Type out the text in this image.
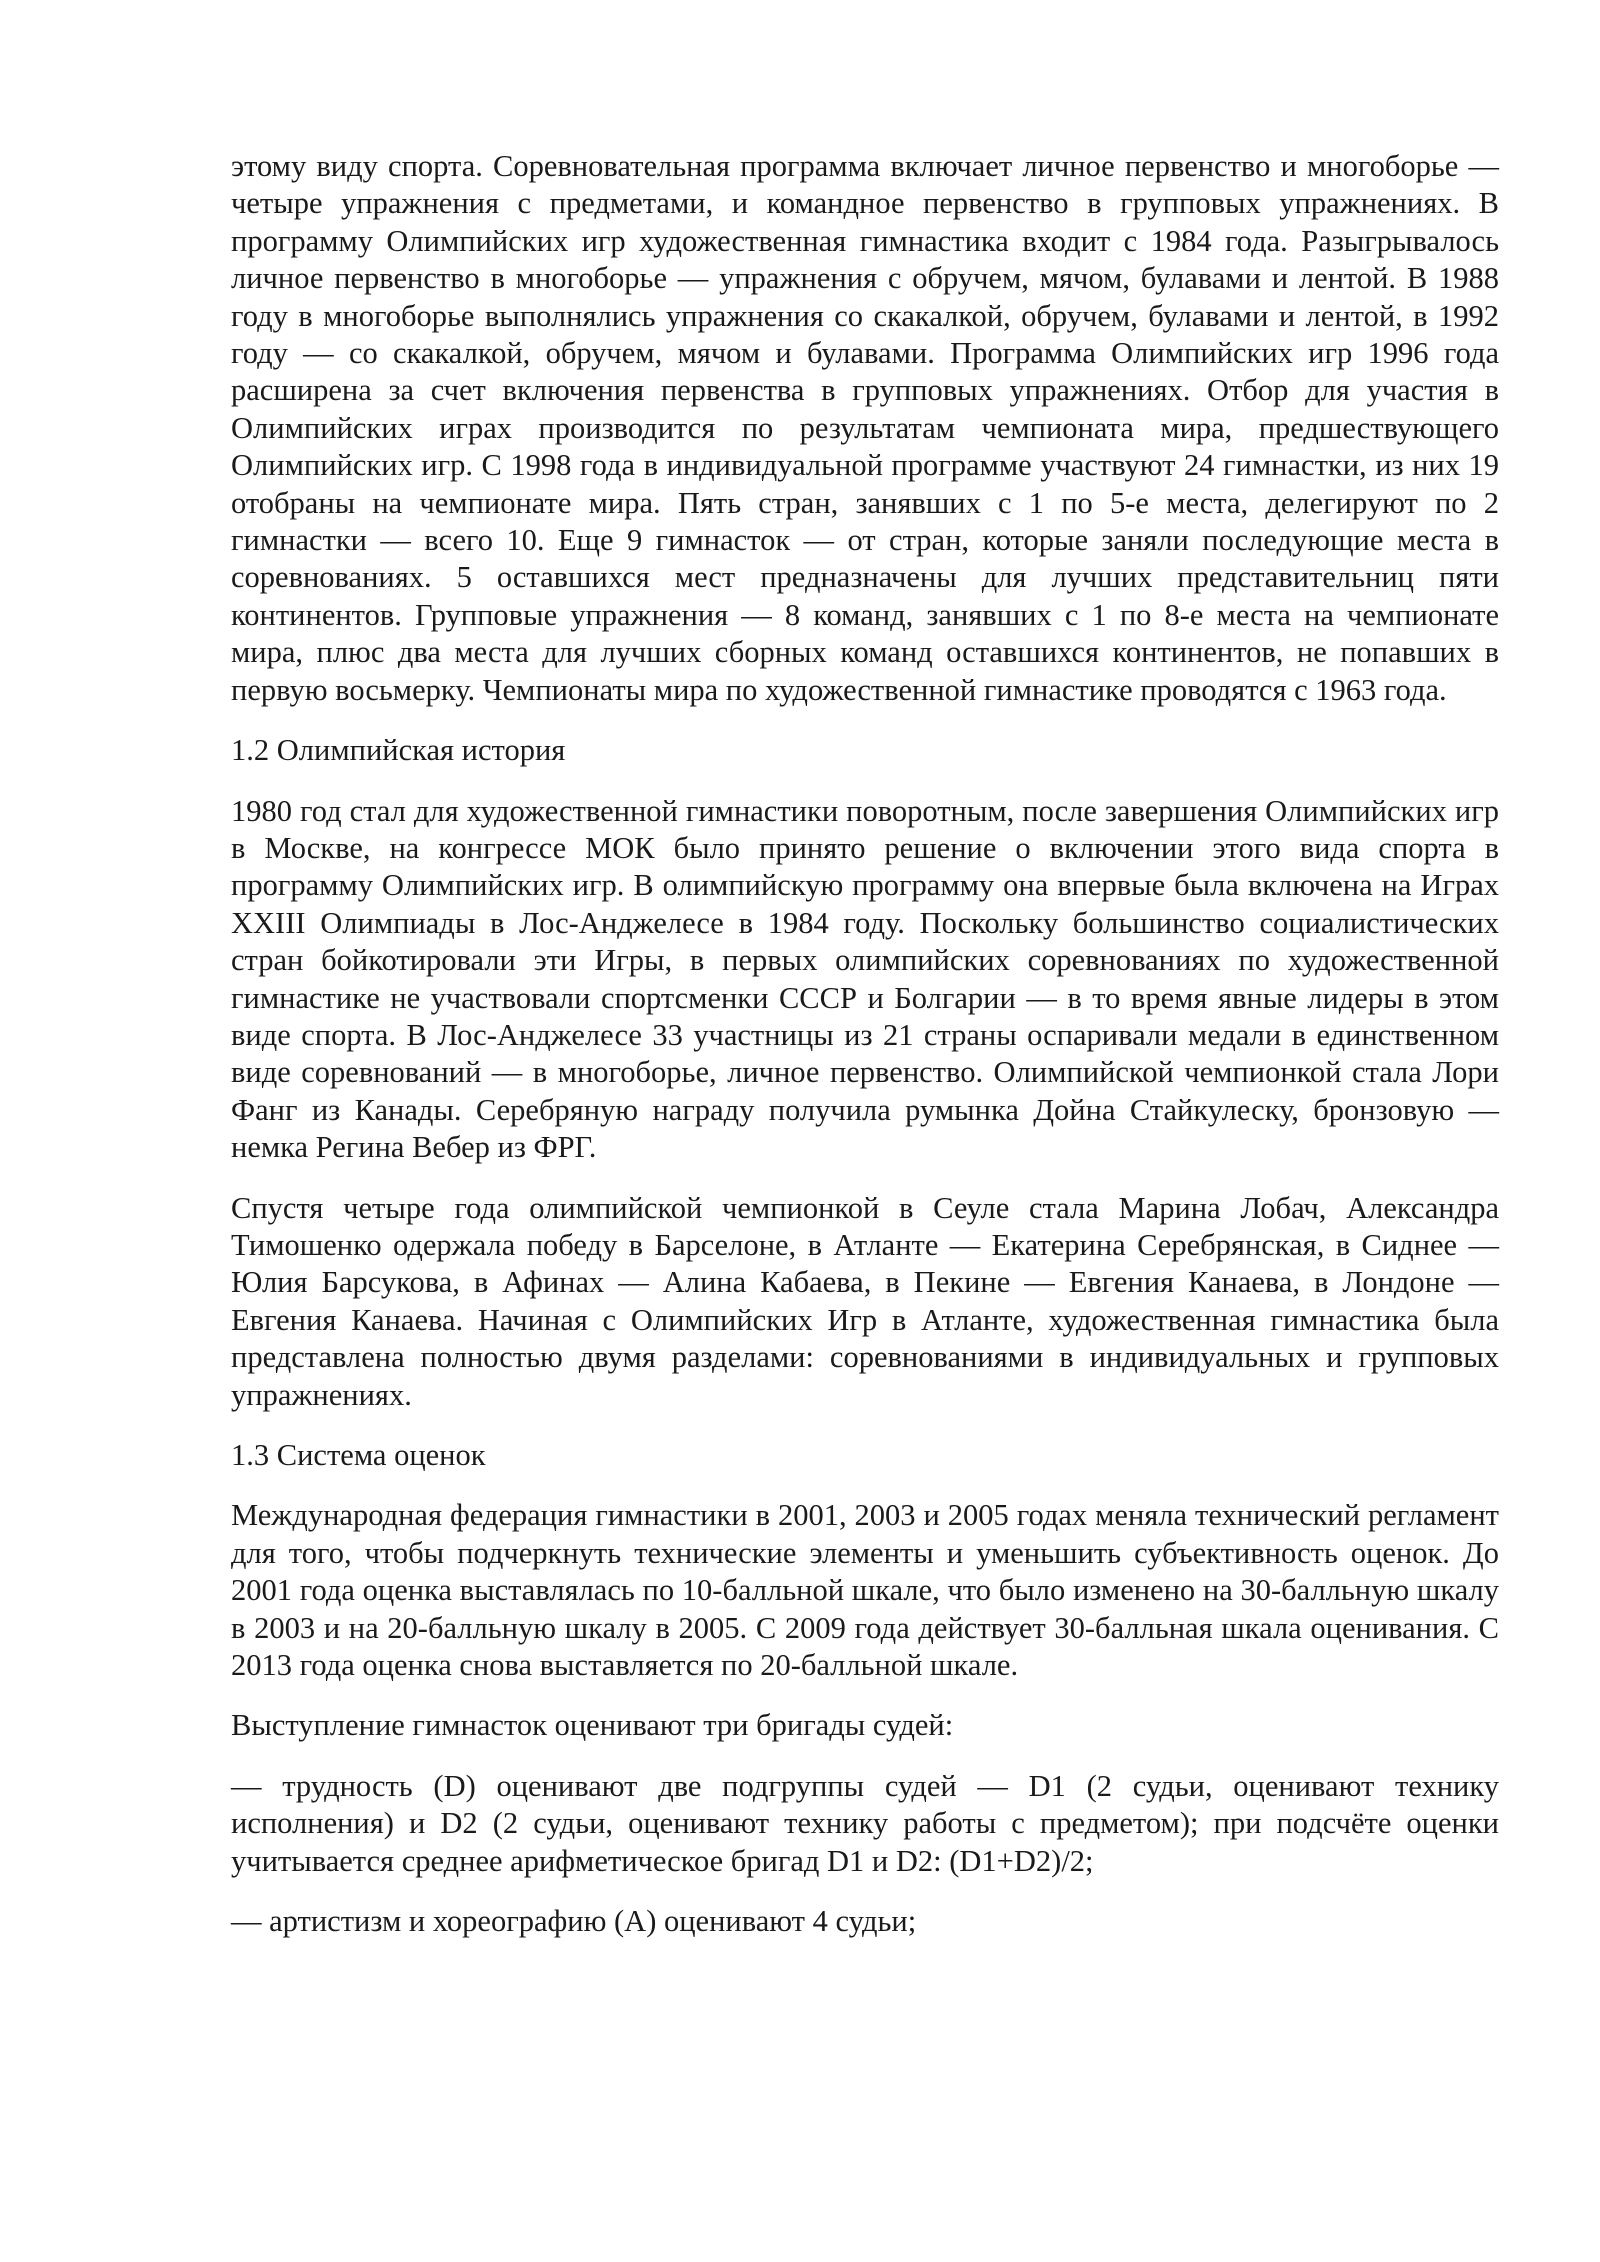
этому виду спорта. Соревновательная программа включает личное первенство и многоборье — четыре упражнения с предметами, и командное первенство в групповых упражнениях. В программу Олимпийских игр художественная гимнастика входит с 1984 года. Разыгрывалось личное первенство в многоборье — упражнения с обручем, мячом, булавами и лентой. В 1988 году в многоборье выполнялись упражнения со скакалкой, обручем, булавами и лентой, в 1992 году — со скакалкой, обручем, мячом и булавами. Программа Олимпийских игр 1996 года расширена за счет включения первенства в групповых упражнениях. Отбор для участия в Олимпийских играх производится по результатам чемпионата мира, предшествующего Олимпийских игр. С 1998 года в индивидуальной программе участвуют 24 гимнастки, из них 19 отобраны на чемпионате мира. Пять стран, занявших с 1 по 5-е места, делегируют по 2 гимнастки — всего 10. Еще 9 гимнасток — от стран, которые заняли последующие места в соревнованиях. 5 оставшихся мест предназначены для лучших представительниц пяти континентов. Групповые упражнения — 8 команд, занявших с 1 по 8-е места на чемпионате мира, плюс два места для лучших сборных команд оставшихся континентов, не попавших в первую восьмерку. Чемпионаты мира по художественной гимнастике проводятся с 1963 года.

1.2 Олимпийская история

1980 год стал для художественной гимнастики поворотным, после завершения Олимпийских игр в Москве, на конгрессе МОК было принято решение о включении этого вида спорта в программу Олимпийских игр. В олимпийскую программу она впервые была включена на Играх XXIII Олимпиады в Лос-Анджелесе в 1984 году. Поскольку большинство социалистических стран бойкотировали эти Игры, в первых олимпийских соревнованиях по художественной гимнастике не участвовали спортсменки СССР и Болгарии — в то время явные лидеры в этом виде спорта. В Лос-Анджелесе 33 участницы из 21 страны оспаривали медали в единственном виде соревнований — в многоборье, личное первенство. Олимпийской чемпионкой стала Лори Фанг из Канады. Серебряную награду получила румынка Дойна Стайкулеску, бронзовую — немка Регина Вебер из ФРГ.

Спустя четыре года олимпийской чемпионкой в Сеуле стала Марина Лобач, Александра Тимошенко одержала победу в Барселоне, в Атланте — Екатерина Серебрянская, в Сиднее — Юлия Барсукова, в Афинах — Алина Кабаева, в Пекине — Евгения Канаева, в Лондоне — Евгения Канаева. Начиная с Олимпийских Игр в Атланте, художественная гимнастика была представлена полностью двумя разделами: соревнованиями в индивидуальных и групповых упражнениях.

1.3 Система оценок

Международная федерация гимнастики в 2001, 2003 и 2005 годах меняла технический регламент для того, чтобы подчеркнуть технические элементы и уменьшить субъективность оценок. До 2001 года оценка выставлялась по 10-балльной шкале, что было изменено на 30-балльную шкалу в 2003 и на 20-балльную шкалу в 2005. С 2009 года действует 30-балльная шкала оценивания. С 2013 года оценка снова выставляется по 20-балльной шкале.

Выступление гимнасток оценивают три бригады судей:

— трудность (D) оценивают две подгруппы судей — D1 (2 судьи, оценивают технику исполнения) и D2 (2 судьи, оценивают технику работы с предметом); при подсчёте оценки учитывается среднее арифметическое бригад D1 и D2: (D1+D2)/2;

— артистизм и хореографию (A) оценивают 4 судьи;
